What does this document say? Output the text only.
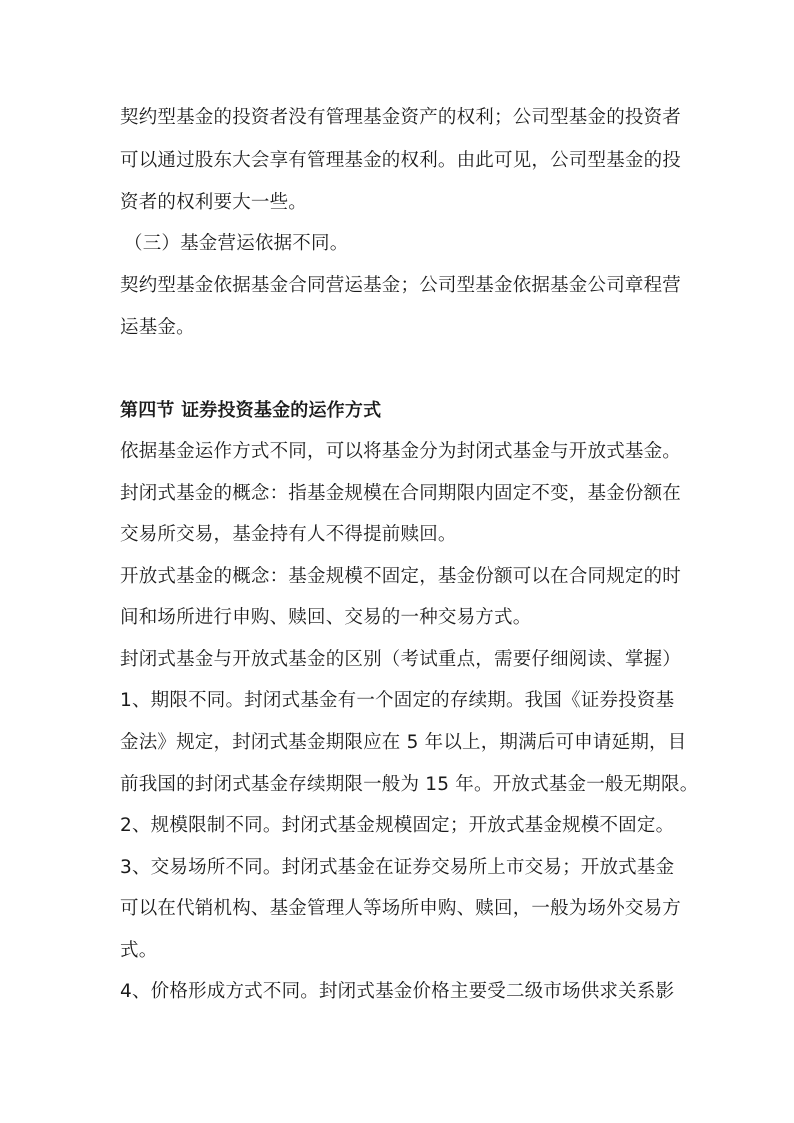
契约型基金的投资者没有管理基金资产的权利；公司型基金的投资者
可以通过股东大会享有管理基金的权利。由此可见，公司型基金的投
资者的权利要大一些。
（三）基金营运依据不同。
契约型基金依据基金合同营运基金；公司型基金依据基金公司章程营
运基金。
第四节 证券投资基金的运作方式
依据基金运作方式不同，可以将基金分为封闭式基金与开放式基金。
封闭式基金的概念：指基金规模在合同期限内固定不变，基金份额在
交易所交易，基金持有人不得提前赎回。
开放式基金的概念：基金规模不固定，基金份额可以在合同规定的时
间和场所进行申购、赎回、交易的一种交易方式。
封闭式基金与开放式基金的区别（考试重点，需要仔细阅读、掌握）
1、期限不同。封闭式基金有一个固定的存续期。我国《证券投资基
金法》规定，封闭式基金期限应在 5 年以上，期满后可申请延期，目
前我国的封闭式基金存续期限一般为 15 年。开放式基金一般无期限。
2、规模限制不同。封闭式基金规模固定；开放式基金规模不固定。
3、交易场所不同。封闭式基金在证券交易所上市交易；开放式基金
可以在代销机构、基金管理人等场所申购、赎回，一般为场外交易方
式。
4、价格形成方式不同。封闭式基金价格主要受二级市场供求关系影
